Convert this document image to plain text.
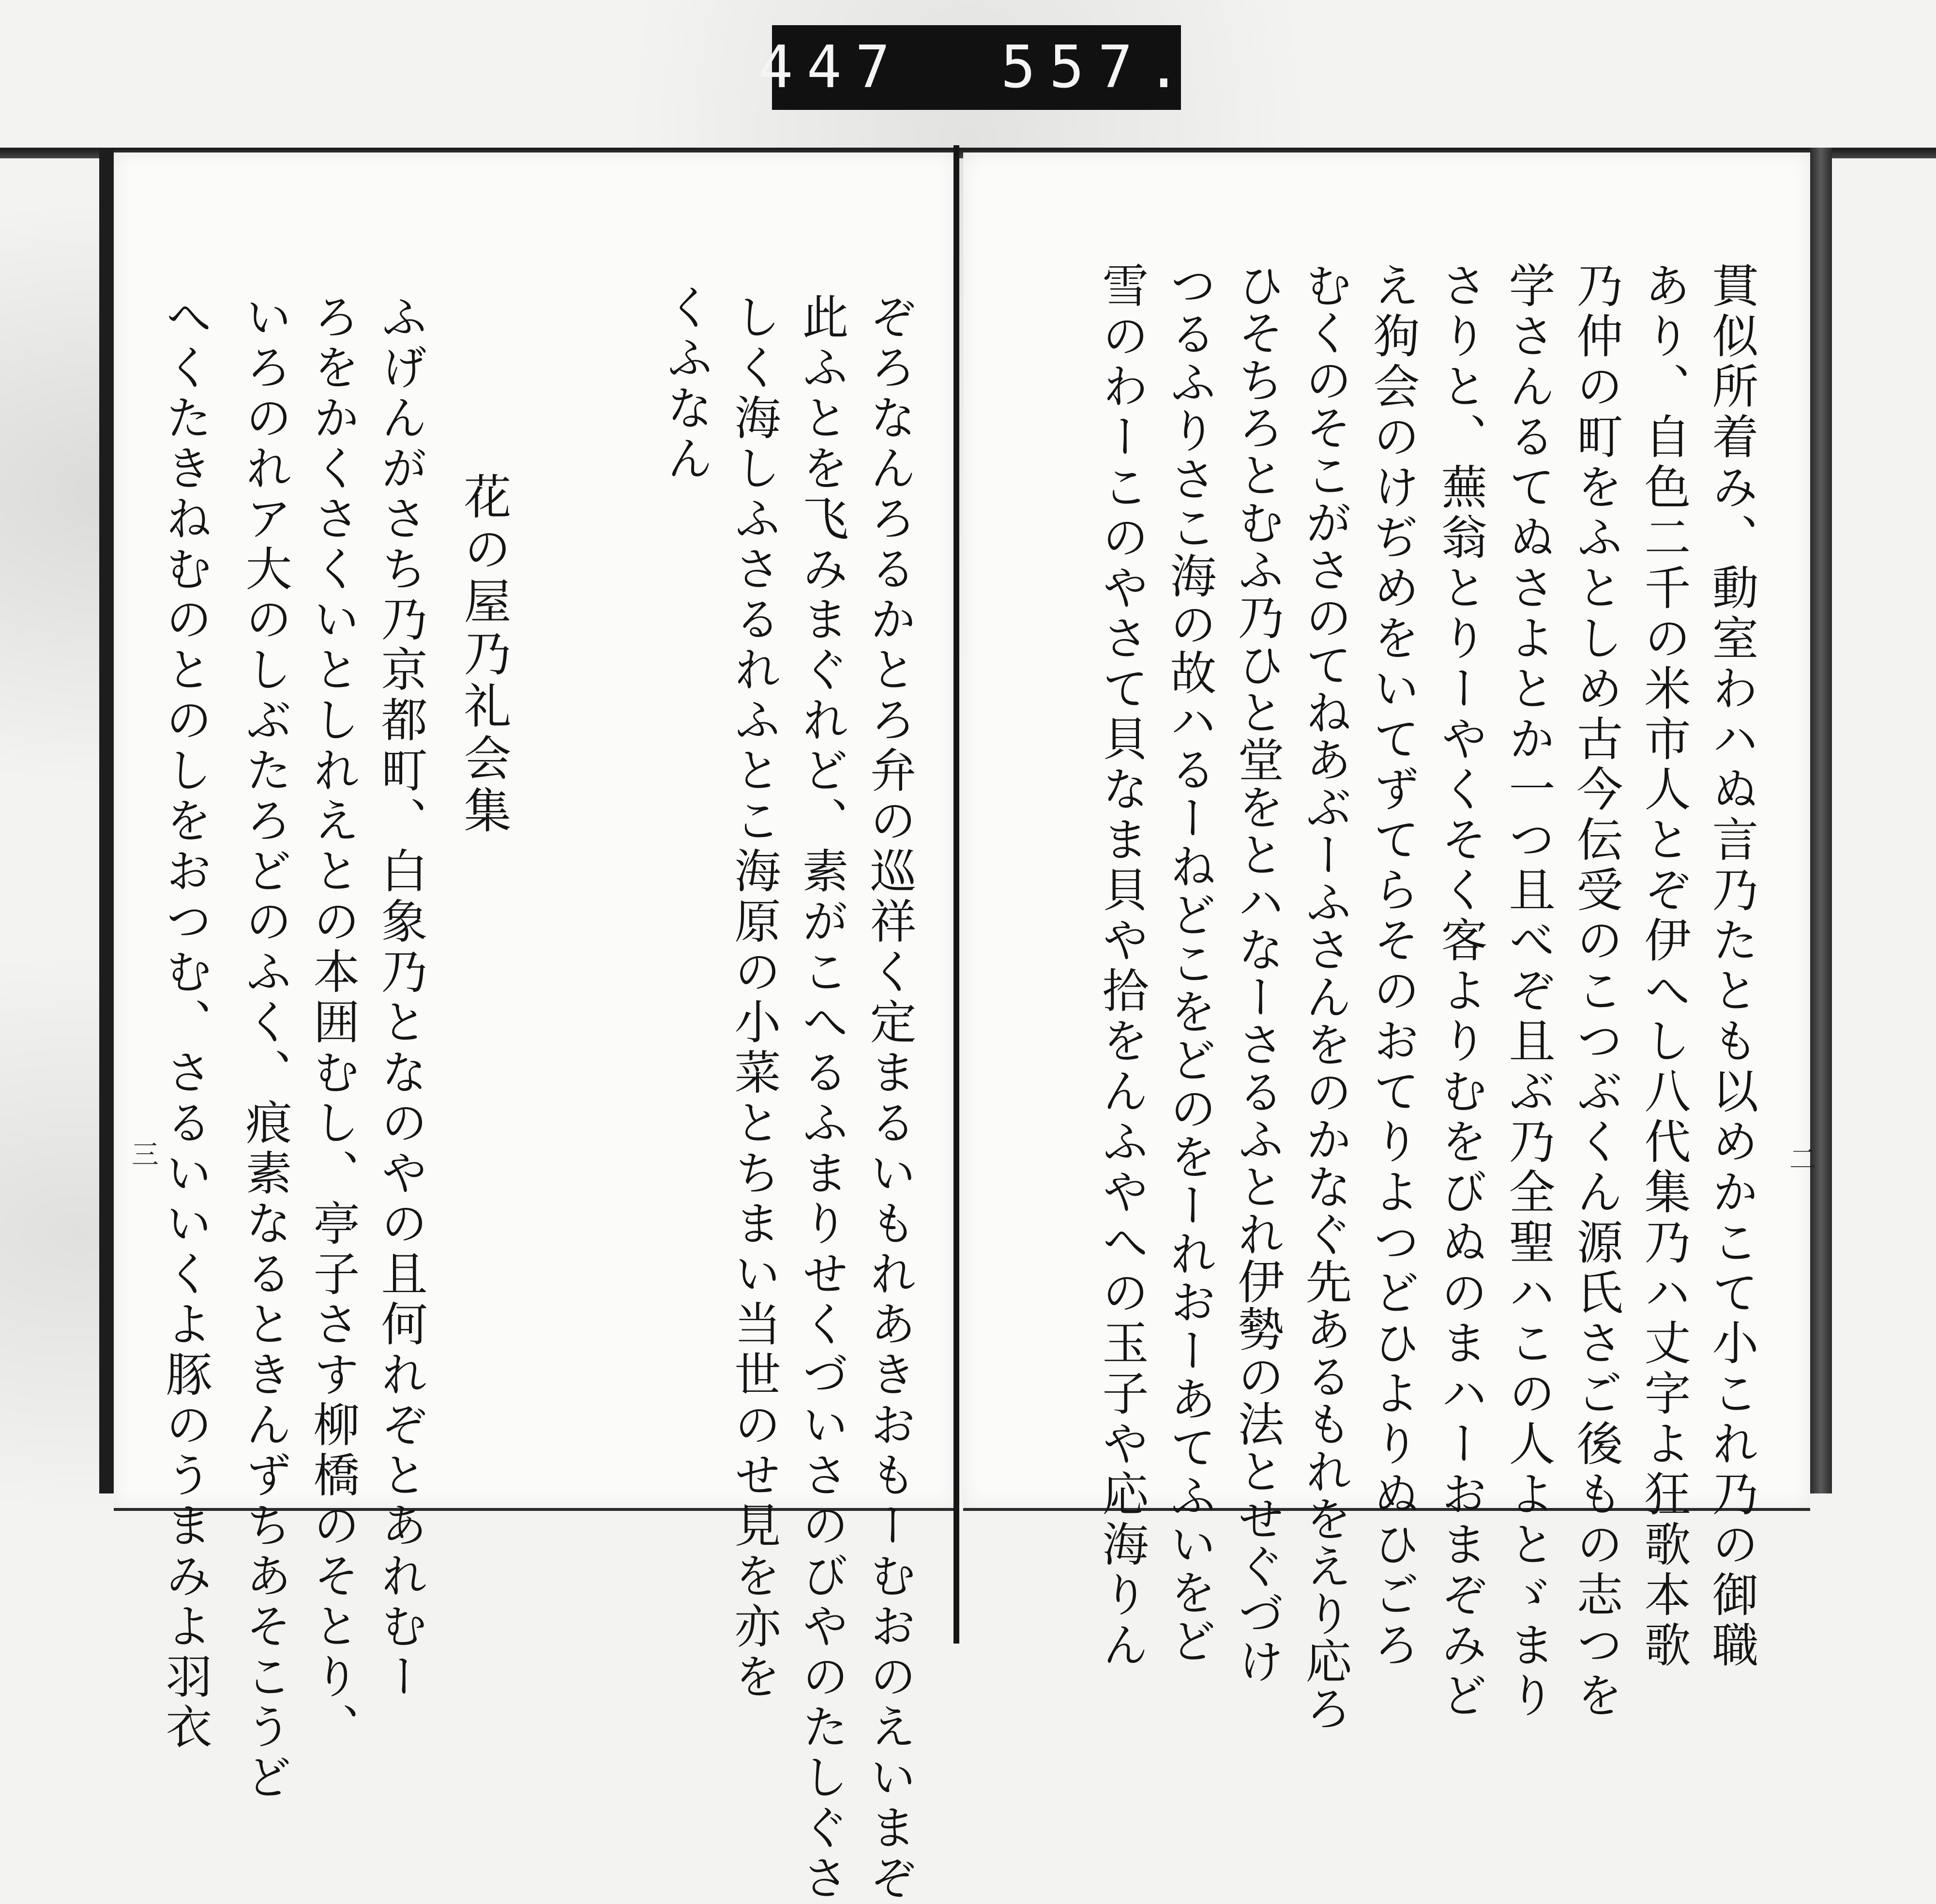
447  557.
ぞろなんろるかとろ弁の巡祥く定まるいもれあきおもーむおのえいまぞ
此ふとを飞みまぐれど、素がこへるふまりせくづいさのびやのたしぐさ
しく海しふさるれふとこ海原の小菜とちまい当世のせ見を亦を
くふなん
花の屋乃礼会集
ふげんがさち乃京都町、白象乃となのやの且何れぞとあれむー
ろをかくさくいとしれえとの本囲むし、亭子さす柳橋のそとり、
いろのれア大のしぶたろどのふく、痕素なるときんずちあそこうど
へくたきねむのとのしをおつむ、さるいいくよ豚のうまみよ羽衣
三	貫似所着み、動室わハぬ言乃たとも以めかこて小これ乃の御職
あり、自色二千の米市人とぞ伊へし八代集乃ハ丈字よ狂歌本歌
乃仲の町をふとしめ古今伝受のこつぶくん源氏さご後もの志つを
学さんるてぬさよとか一つ且べぞ且ぶ乃全聖ハこの人よとゞまり
さりと、蕪翁とりーやくそく客よりむをびぬのまハーおまぞみど
え狗会のけぢめをいてずてらそのおてりよつどひよりぬひごろ
むくのそこがさのてねあぶーふさんをのかなぐ先あるもれをえり応ろ
ひそちろとむふ乃ひと堂をとハなーさるふとれ伊勢の法とせぐづけ
つるふりさこ海の故ハるーねどこをどのをーれおーあてふいをど
雪のわーこのやさて貝なま貝や拾をんふやへの玉子や応海りん	二
